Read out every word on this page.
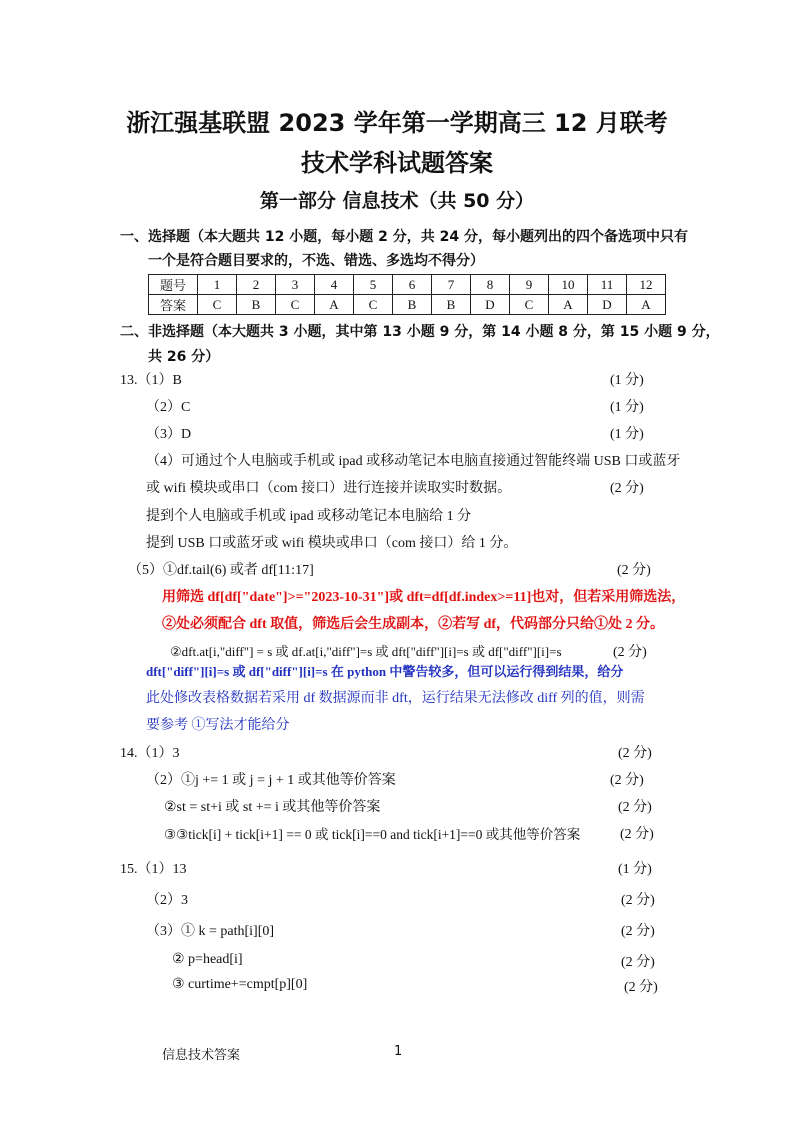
浙江强基联盟 2023 学年第一学期高三 12 月联考
技术学科试题答案
第一部分 信息技术（共 50 分）
一、选择题（本大题共 12 小题，每小题 2 分，共 24 分，每小题列出的四个备选项中只有
一个是符合题目要求的，不选、错选、多选均不得分）
题号	1	2	3	4	5	6	7	8	9	10	11	12
答案	C	B	C	A	C	B	B	D	C	A	D	A
二、非选择题（本大题共 3 小题，其中第 13 小题 9 分，第 14 小题 8 分，第 15 小题 9 分，
共 26 分）
13.（1）B	(1 分)
（2）C	(1 分)
（3）D	(1 分)
（4）可通过个人电脑或手机或 ipad 或移动笔记本电脑直接通过智能终端 USB 口或蓝牙
或 wifi 模块或串口（com 接口）进行连接并读取实时数据。	(2 分)
提到个人电脑或手机或 ipad 或移动笔记本电脑给 1 分
提到 USB 口或蓝牙或 wifi 模块或串口（com 接口）给 1 分。
（5）①df.tail(6) 或者 df[11:17]	(2 分)
用筛选 df[df["date"]>="2023-10-31"]或 dft=df[df.index>=11]也对，但若采用筛选法，
②处必须配合 dft 取值，筛选后会生成副本，②若写 df，代码部分只给①处 2 分。
②dft.at[i,"diff"] = s 或 df.at[i,"diff"]=s 或 dft["diff"][i]=s 或 df["diff"][i]=s	(2 分)
dft["diff"][i]=s 或 df["diff"][i]=s 在 python 中警告较多，但可以运行得到结果，给分
此处修改表格数据若采用 df 数据源而非 dft，运行结果无法修改 diff 列的值，则需
要参考 ①写法才能给分
14.（1）3	(2 分)
（2）①j += 1 或 j = j + 1 或其他等价答案	(2 分)
②st = st+i 或 st += i 或其他等价答案	(2 分)
③③tick[i] + tick[i+1] == 0 或 tick[i]==0 and tick[i+1]==0 或其他等价答案	(2 分)
15.（1）13	(1 分)
（2）3	(2 分)
（3）① k = path[i][0]	(2 分)
② p=head[i]	(2 分)
③ curtime+=cmpt[p][0]	(2 分)
信息技术答案	1
